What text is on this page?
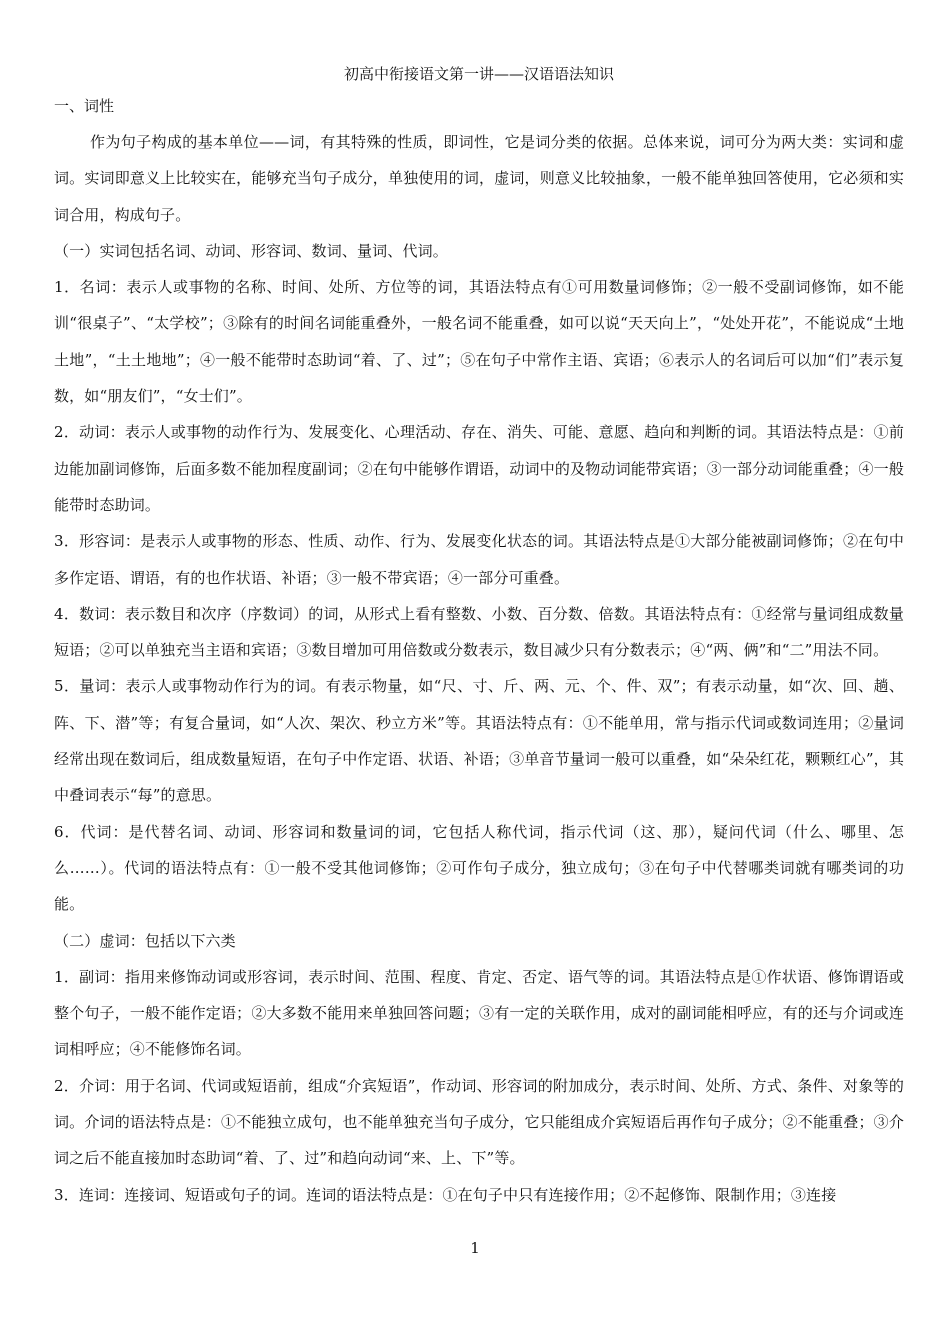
初高中衔接语文第一讲——汉语语法知识
一、词性

作为句子构成的基本单位——词，有其特殊的性质，即词性，它是词分类的依据。总体来说，词可分为两大类：实词和虚词。实词即意义上比较实在，能够充当句子成分，单独使用的词，虚词，则意义比较抽象，一般不能单独回答使用，它必须和实词合用，构成句子。

（一）实词包括名词、动词、形容词、数词、量词、代词。

1．名词：表示人或事物的名称、时间、处所、方位等的词，其语法特点有①可用数量词修饰；②一般不受副词修饰，如不能训“很桌子”、“太学校”；③除有的时间名词能重叠外，一般名词不能重叠，如可以说“天天向上”，“处处开花”，不能说成“土地土地”，“土土地地”；④一般不能带时态助词“着、了、过”；⑤在句子中常作主语、宾语；⑥表示人的名词后可以加“们”表示复数，如“朋友们”，“女士们”。

2．动词：表示人或事物的动作行为、发展变化、心理活动、存在、消失、可能、意愿、趋向和判断的词。其语法特点是：①前边能加副词修饰，后面多数不能加程度副词；②在句中能够作谓语，动词中的及物动词能带宾语；③一部分动词能重叠；④一般能带时态助词。

3．形容词：是表示人或事物的形态、性质、动作、行为、发展变化状态的词。其语法特点是①大部分能被副词修饰；②在句中多作定语、谓语，有的也作状语、补语；③一般不带宾语；④一部分可重叠。

4．数词：表示数目和次序（序数词）的词，从形式上看有整数、小数、百分数、倍数。其语法特点有：①经常与量词组成数量短语；②可以单独充当主语和宾语；③数目增加可用倍数或分数表示，数目减少只有分数表示；④“两、俩”和“二”用法不同。

5．量词：表示人或事物动作行为的词。有表示物量，如“尺、寸、斤、两、元、个、件、双”；有表示动量，如“次、回、趟、阵、下、潜”等；有复合量词，如“人次、架次、秒立方米”等。其语法特点有：①不能单用，常与指示代词或数词连用；②量词经常出现在数词后，组成数量短语，在句子中作定语、状语、补语；③单音节量词一般可以重叠，如“朵朵红花，颗颗红心”，其中叠词表示“每”的意思。

6．代词：是代替名词、动词、形容词和数量词的词，它包括人称代词，指示代词（这、那），疑问代词（什么、哪里、怎么……）。代词的语法特点有：①一般不受其他词修饰；②可作句子成分，独立成句；③在句子中代替哪类词就有哪类词的功能。

（二）虚词：包括以下六类

1．副词：指用来修饰动词或形容词，表示时间、范围、程度、肯定、否定、语气等的词。其语法特点是①作状语、修饰谓语或整个句子，一般不能作定语；②大多数不能用来单独回答问题；③有一定的关联作用，成对的副词能相呼应，有的还与介词或连词相呼应；④不能修饰名词。

2．介词：用于名词、代词或短语前，组成“介宾短语”，作动词、形容词的附加成分，表示时间、处所、方式、条件、对象等的词。介词的语法特点是：①不能独立成句，也不能单独充当句子成分，它只能组成介宾短语后再作句子成分；②不能重叠；③介词之后不能直接加时态助词“着、了、过”和趋向动词“来、上、下”等。

3．连词：连接词、短语或句子的词。连词的语法特点是：①在句子中只有连接作用；②不起修饰、限制作用；③连接

1
